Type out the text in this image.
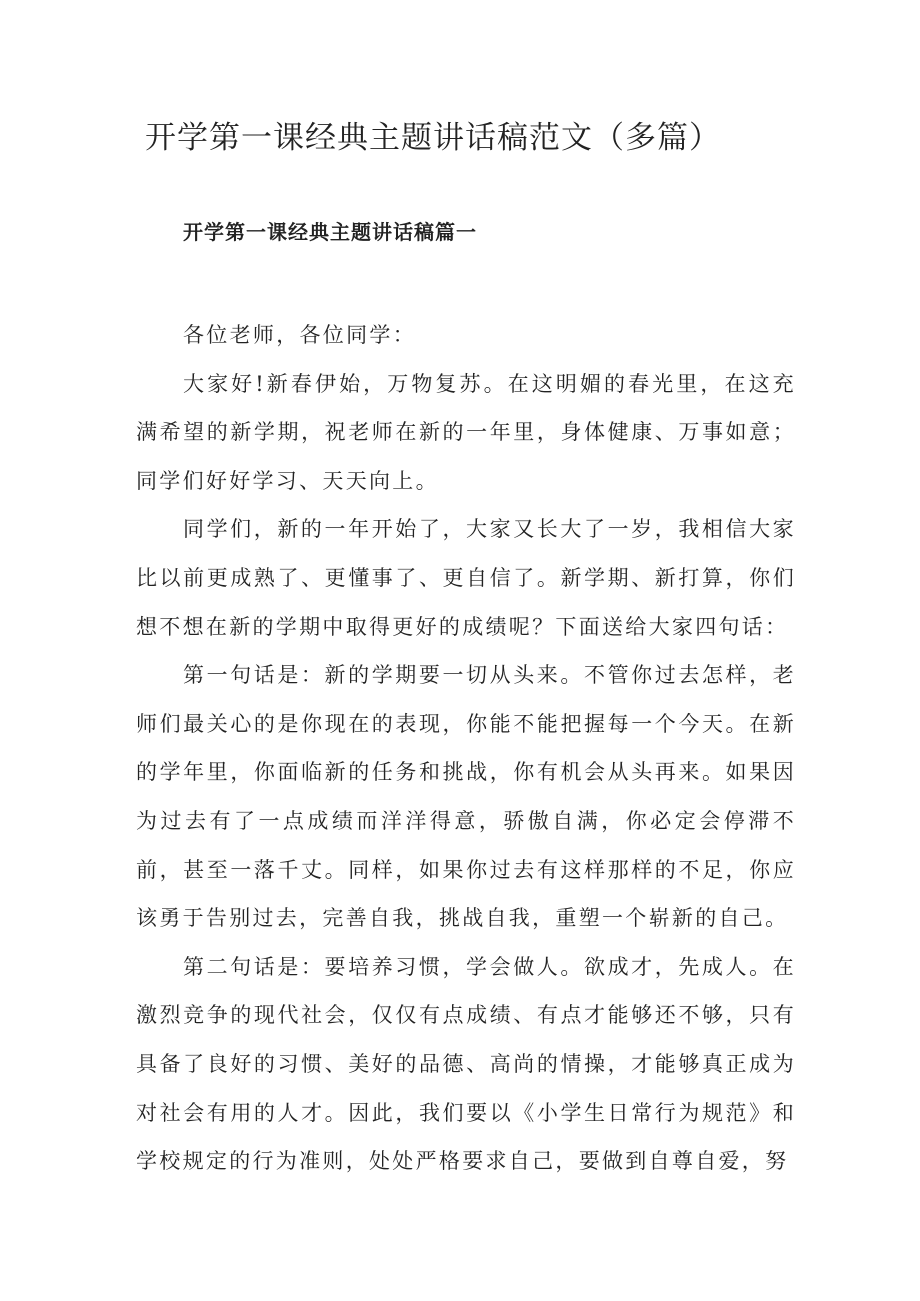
开学第一课经典主题讲话稿范文（多篇）
开学第一课经典主题讲话稿篇一

各位老师，各位同学：

大家好!新春伊始，万物复苏。在这明媚的春光里，在这充满希望的新学期，祝老师在新的一年里，身体健康、万事如意；同学们好好学习、天天向上。

同学们，新的一年开始了，大家又长大了一岁，我相信大家比以前更成熟了、更懂事了、更自信了。新学期、新打算，你们想不想在新的学期中取得更好的成绩呢？下面送给大家四句话：

第一句话是：新的学期要一切从头来。不管你过去怎样，老师们最关心的是你现在的表现，你能不能把握每一个今天。在新的学年里，你面临新的任务和挑战，你有机会从头再来。如果因为过去有了一点成绩而洋洋得意，骄傲自满，你必定会停滞不前，甚至一落千丈。同样，如果你过去有这样那样的不足，你应该勇于告别过去，完善自我，挑战自我，重塑一个崭新的自己。

第二句话是：要培养习惯，学会做人。欲成才，先成人。在激烈竞争的现代社会，仅仅有点成绩、有点才能够还不够，只有具备了良好的习惯、美好的品德、高尚的情操，才能够真正成为对社会有用的人才。因此，我们要以《小学生日常行为规范》和学校规定的行为准则，处处严格要求自己，要做到自尊自爱，努
